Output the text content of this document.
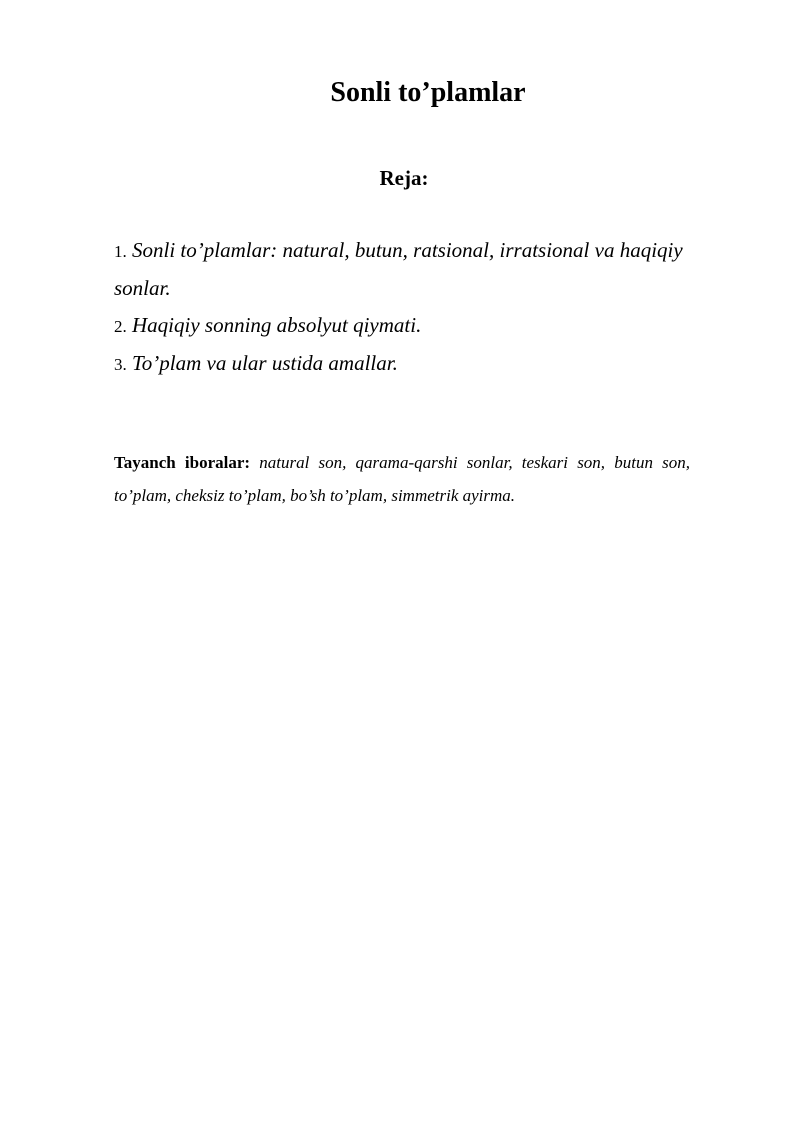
Sonli to’plamlar
Reja:
1. Sonli to’plamlar: natural, butun, ratsional, irratsional va haqiqiy sonlar.
2. Haqiqiy sonning absolyut qiymati.
3. To’plam va ular ustida amallar.

Tayanch iboralar: natural son, qarama-qarshi sonlar, teskari son, butun son, to’plam, cheksiz to’plam, bo’sh to’plam, simmetrik ayirma.
